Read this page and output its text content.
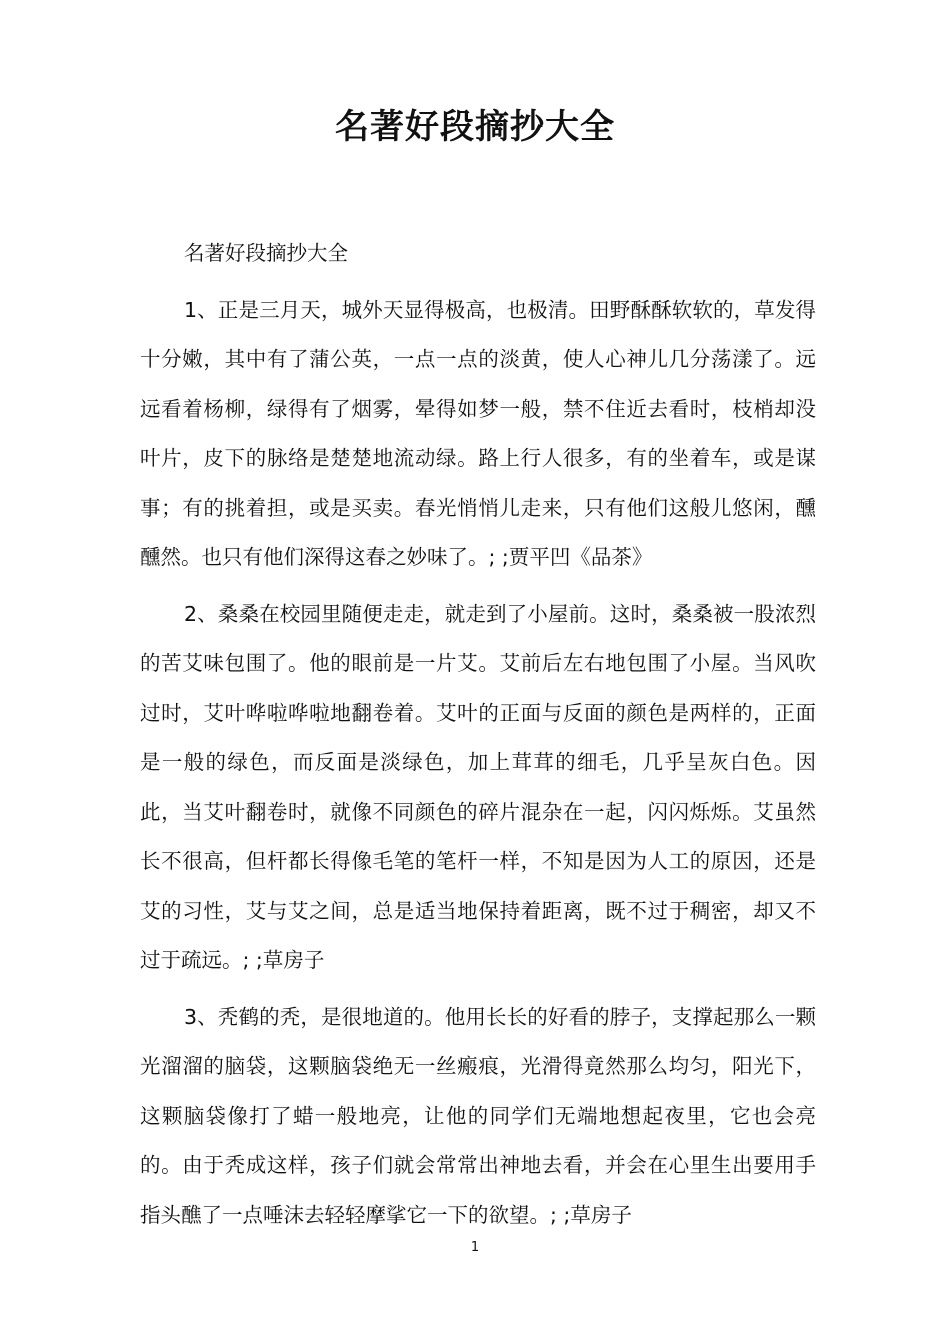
名著好段摘抄大全

名著好段摘抄大全

1、正是三月天，城外天显得极高，也极清。田野酥酥软软的，草发得十分嫩，其中有了蒲公英，一点一点的淡黄，使人心神儿几分荡漾了。远远看着杨柳，绿得有了烟雾，晕得如梦一般，禁不住近去看时，枝梢却没叶片，皮下的脉络是楚楚地流动绿。路上行人很多，有的坐着车，或是谋事；有的挑着担，或是买卖。春光悄悄儿走来，只有他们这般儿悠闲，醺醺然。也只有他们深得这春之妙味了。; ;贾平凹《品茶》

2、桑桑在校园里随便走走，就走到了小屋前。这时，桑桑被一股浓烈的苦艾味包围了。他的眼前是一片艾。艾前后左右地包围了小屋。当风吹过时，艾叶哗啦哗啦地翻卷着。艾叶的正面与反面的颜色是两样的，正面是一般的绿色，而反面是淡绿色，加上茸茸的细毛，几乎呈灰白色。因此，当艾叶翻卷时，就像不同颜色的碎片混杂在一起，闪闪烁烁。艾虽然长不很高，但杆都长得像毛笔的笔杆一样，不知是因为人工的原因，还是艾的习性，艾与艾之间，总是适当地保持着距离，既不过于稠密，却又不过于疏远。; ;草房子

3、秃鹤的秃，是很地道的。他用长长的好看的脖子，支撑起那么一颗光溜溜的脑袋，这颗脑袋绝无一丝瘢痕，光滑得竟然那么均匀，阳光下，这颗脑袋像打了蜡一般地亮，让他的同学们无端地想起夜里，它也会亮的。由于秃成这样，孩子们就会常常出神地去看，并会在心里生出要用手指头醮了一点唾沫去轻轻摩挲它一下的欲望。; ;草房子

1
